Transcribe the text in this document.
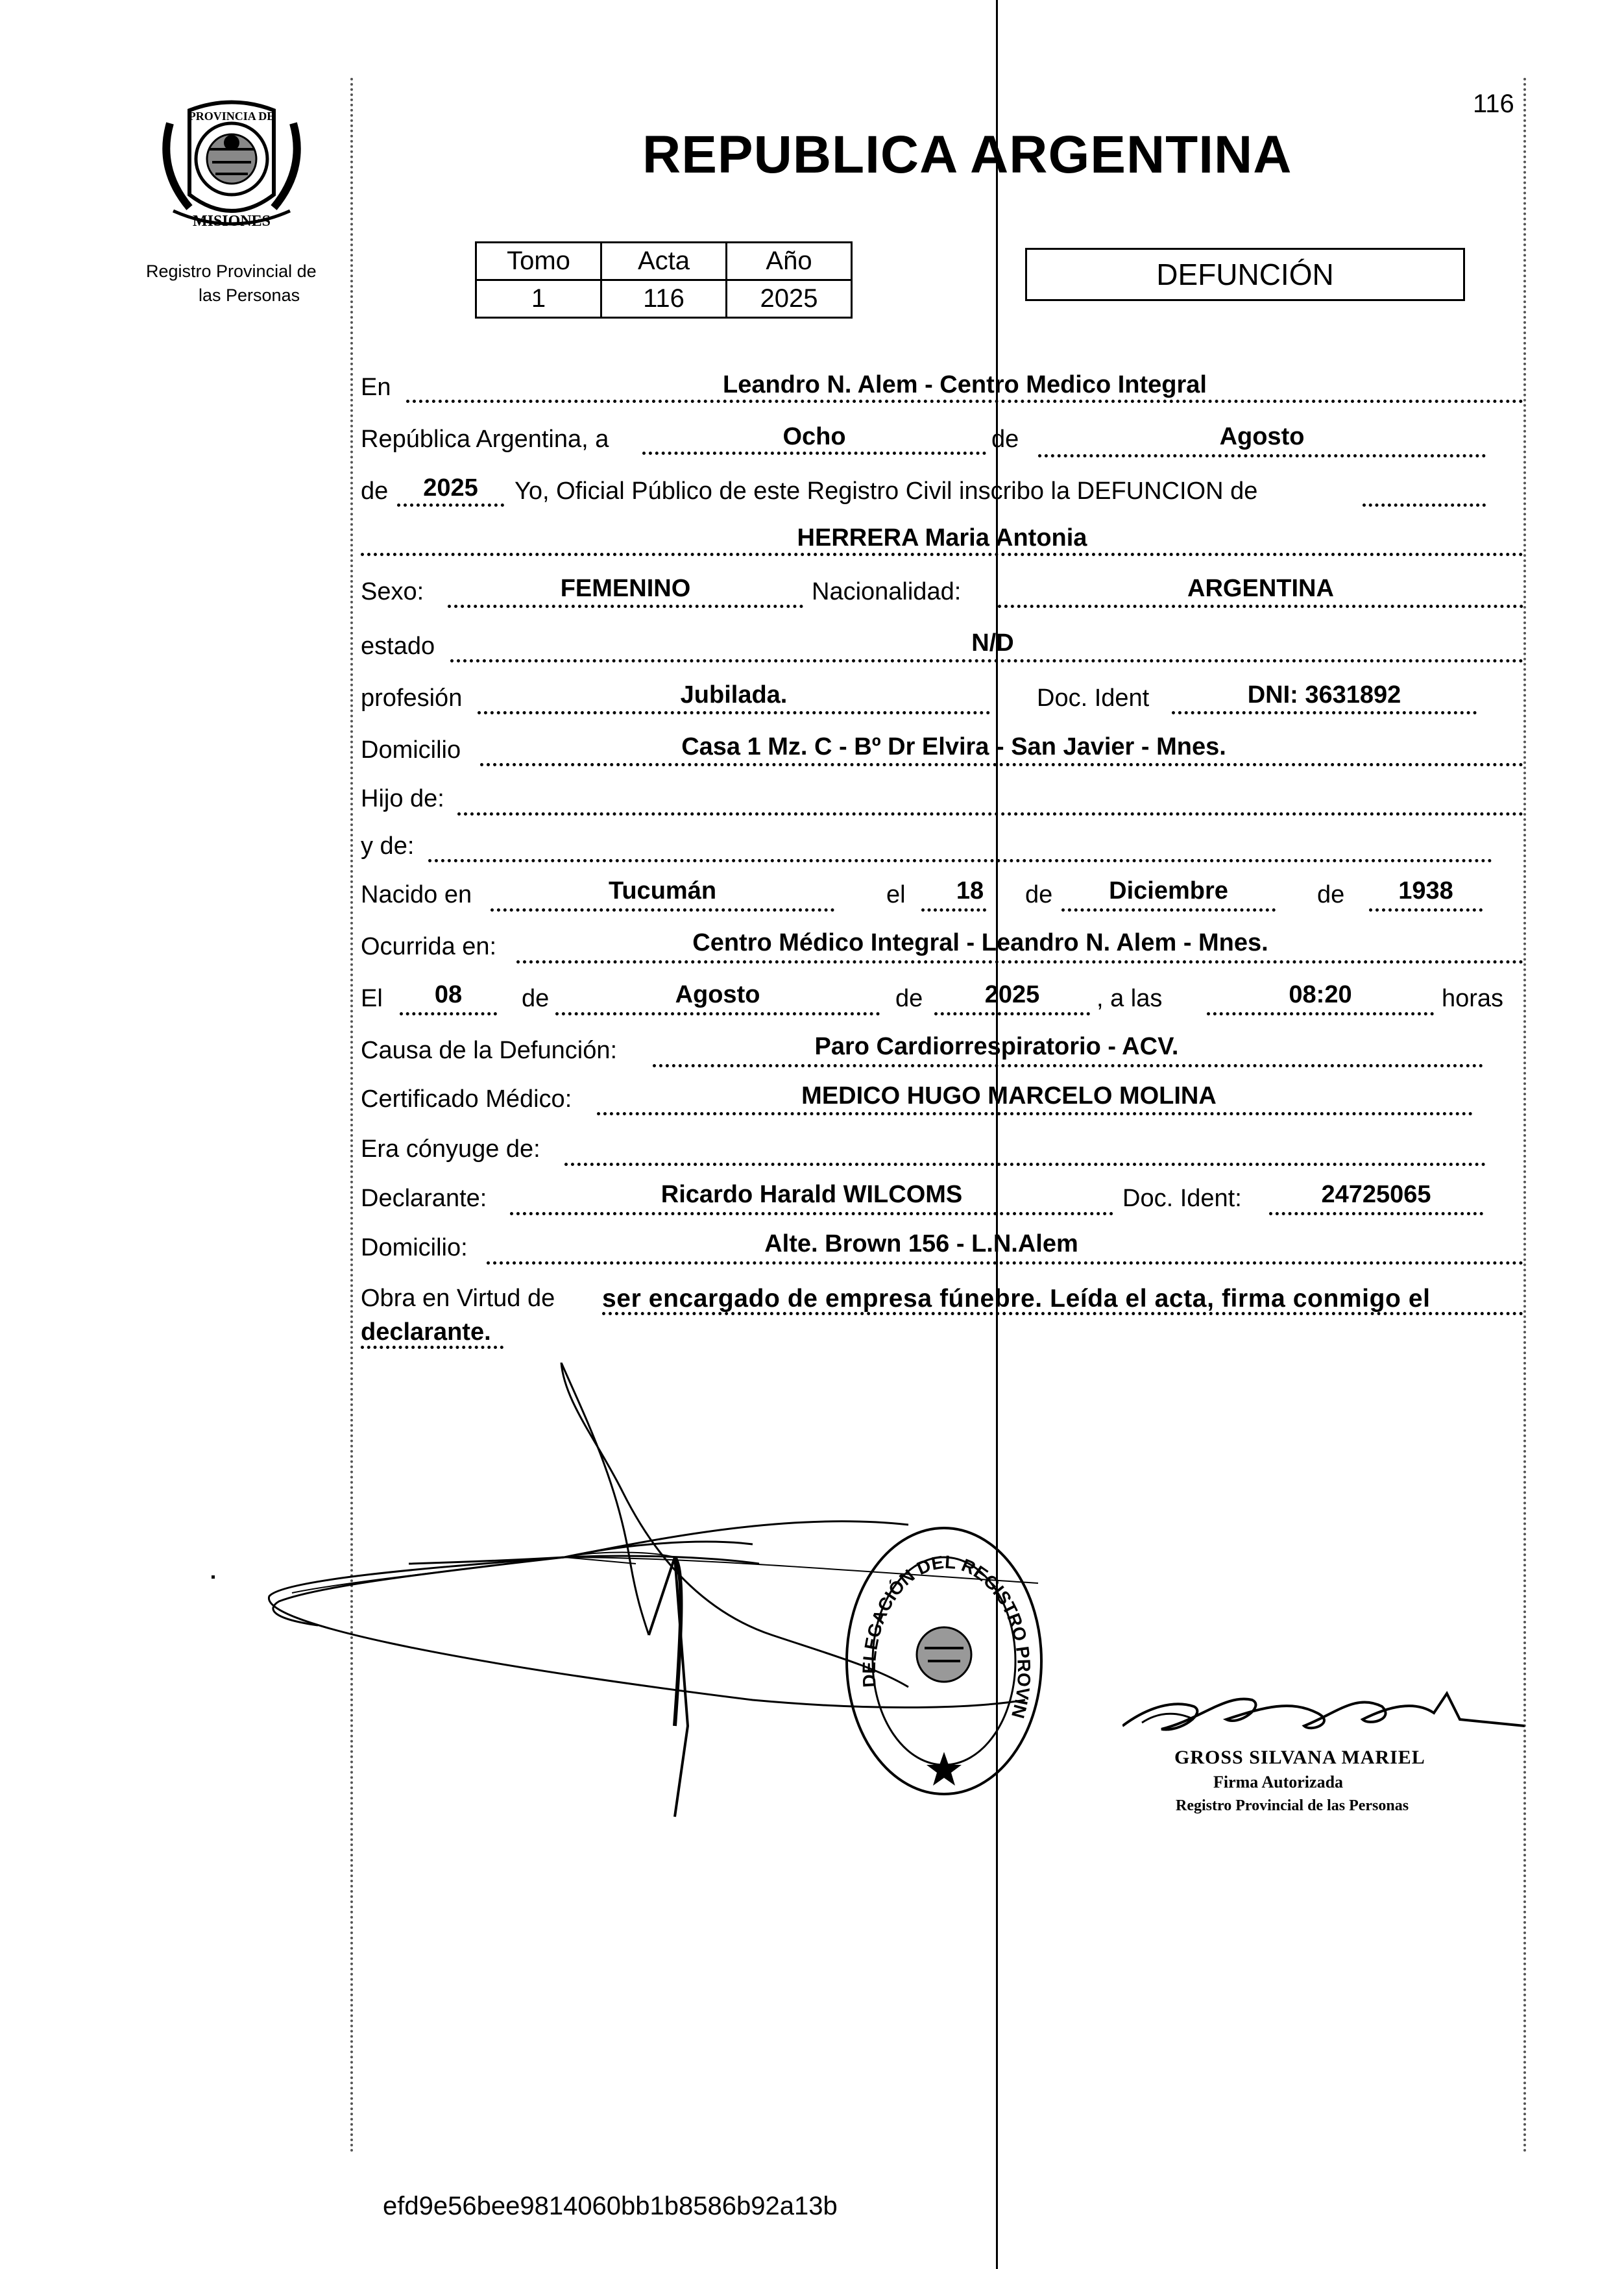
116
MISIONES
PROVINCIA DE
Registro Provincial de
las Personas
REPUBLICA ARGENTINA
Tomo	Acta	Año
1	116	2025
DEFUNCIÓN
En	Leandro N. Alem - Centro Medico Integral
República Argentina, a	Ocho	de	Agosto
de	2025	Yo, Oficial Público de este Registro Civil inscribo la DEFUNCION de
HERRERA Maria Antonia
Sexo:	FEMENINO	Nacionalidad:	ARGENTINA
estado	N/D
profesión	Jubilada.	Doc. Ident	DNI: 3631892
Domicilio	Casa 1 Mz. C - Bº Dr Elvira - San Javier - Mnes.
Hijo de:
y de:
Nacido en	Tucumán	el	18	de	Diciembre	de	1938
Ocurrida en:	Centro Médico Integral - Leandro N. Alem - Mnes.
El	08	de	Agosto	de	2025	, a las	08:20	horas
Causa de la Defunción:	Paro Cardiorrespiratorio - ACV.
Certificado Médico:	MEDICO HUGO MARCELO MOLINA
Era cónyuge de:
Declarante:	Ricardo Harald WILCOMS	Doc. Ident:	24725065
Domicilio:	Alte. Brown 156 - L.N.Alem
Obra en Virtud de ser encargado de empresa fúnebre. Leída el acta, firma conmigo el
declarante.
DELEGACIÓN DEL REGISTRO PROVIN
GROSS SILVANA MARIEL
Firma Autorizada
Registro Provincial de las Personas
efd9e56bee9814060bb1b8586b92a13b
